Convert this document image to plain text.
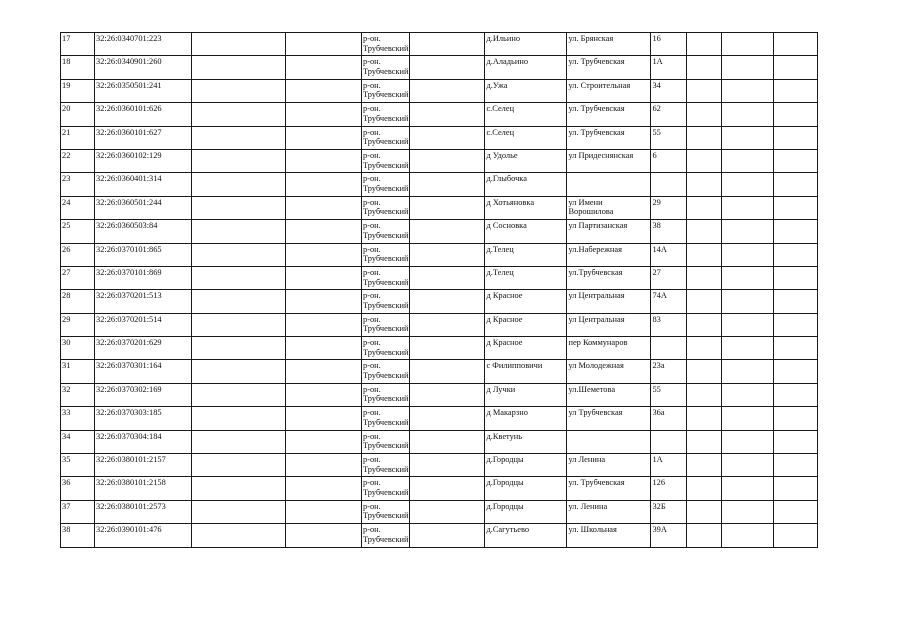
17	32:26:0340701:223			р-он. Трубчевский		д.Ильино	ул. Брянская	16			
18	32:26:0340901:260			р-он. Трубчевский		д.Аладьино	ул. Трубчевская	1А			
19	32:26:0350501:241			р-он. Трубчевский		д.Ужа	ул. Строительная	34			
20	32:26:0360101:626			р-он. Трубчевский		с.Селец	ул. Трубчевская	62			
21	32:26:0360101:627			р-он. Трубчевский		с.Селец	ул. Трубчевская	55			
22	32:26:0360102:129			р-он. Трубчевский		д Удолье	ул Придеснянская	6			
23	32:26:0360401:314			р-он. Трубчевский		д.Глыбочка					
24	32:26:0360501:244			р-он. Трубчевский		д Хотьяновка	ул Имени Ворошилова	29			
25	32:26:0360503:84			р-он. Трубчевский		д Сосновка	ул Партизанская	38			
26	32:26:0370101:865			р-он. Трубчевский		д.Телец	ул.Набережная	14А			
27	32:26:0370101:869			р-он. Трубчевский		д.Телец	ул.Трубчевская	27			
28	32:26:0370201:513			р-он. Трубчевский		д Красное	ул Центральная	74А			
29	32:26:0370201:514			р-он. Трубчевский		д Красное	ул Центральная	83			
30	32:26:0370201:629			р-он. Трубчевский		д Красное	пер Коммунаров				
31	32:26:0370301:164			р-он. Трубчевский		с Филипповичи	ул Молодежная	23а			
32	32:26:0370302:169			р-он. Трубчевский		д Лучки	ул.Шеметова	55			
33	32:26:0370303:185			р-он. Трубчевский		д Макарзно	ул Трубчевская	36а			
34	32:26:0370304:184			р-он. Трубчевский		д.Кветунь					
35	32:26:0380101:2157			р-он. Трубчевский		д.Городцы	ул Ленина	1А			
36	32:26:0380101:2158			р-он. Трубчевский		д.Городцы	ул. Трубчевская	126			
37	32:26:0380101:2573			р-он. Трубчевский		д.Городцы	ул. Ленина	32Б			
38	32:26:0390101:476			р-он. Трубчевский		д.Сагутьево	ул. Школьная	39А			
